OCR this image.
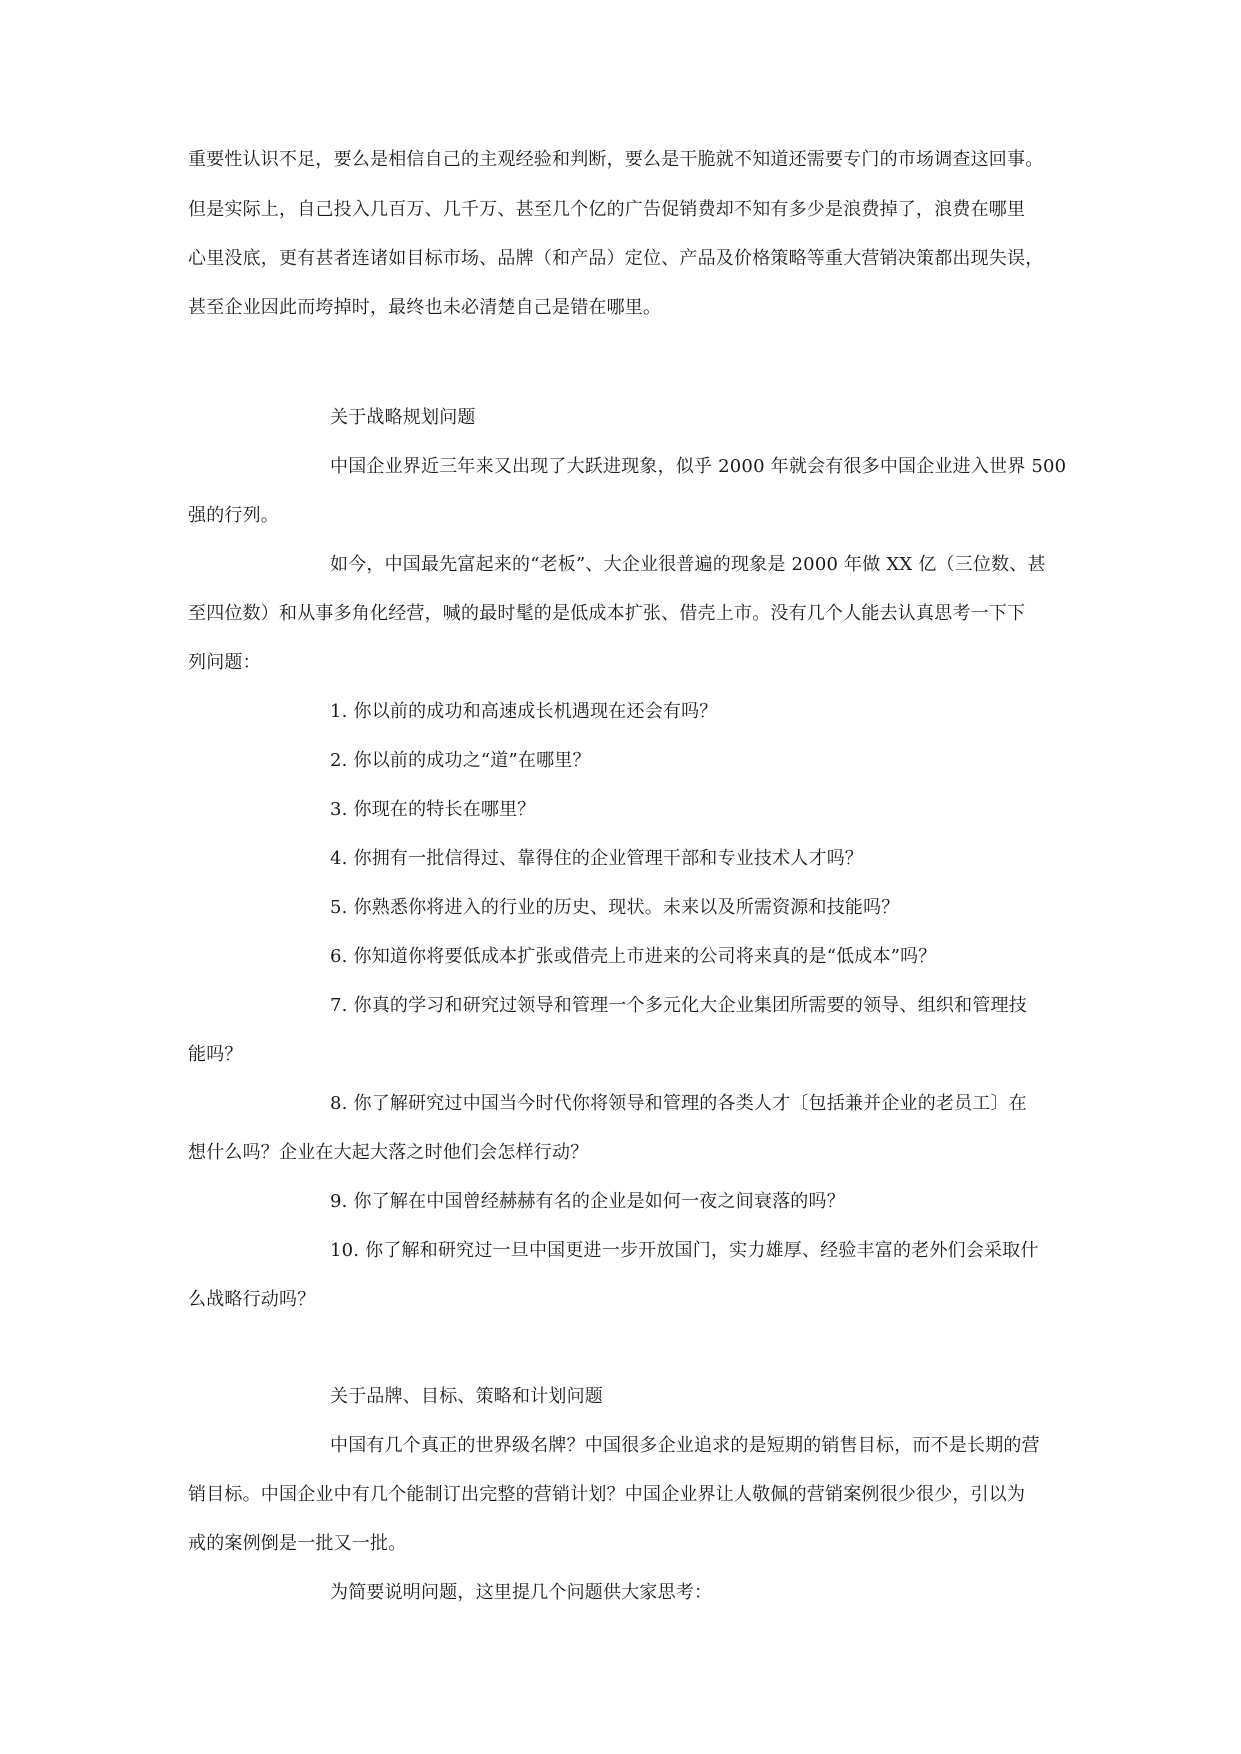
重要性认识不足，要么是相信自己的主观经验和判断，要么是干脆就不知道还需要专门的市场调查这回事。
但是实际上，自己投入几百万、几千万、甚至几个亿的广告促销费却不知有多少是浪费掉了，浪费在哪里
心里没底，更有甚者连诸如目标市场、品牌（和产品）定位、产品及价格策略等重大营销决策都出现失误，
甚至企业因此而垮掉时，最终也未必清楚自己是错在哪里。
关于战略规划问题
中国企业界近三年来又出现了大跃进现象，似乎 2000 年就会有很多中国企业进入世界 500
强的行列。
如今，中国最先富起来的“老板”、大企业很普遍的现象是 2000 年做 XX 亿（三位数、甚
至四位数）和从事多角化经营，喊的最时髦的是低成本扩张、借壳上市。没有几个人能去认真思考一下下
列问题：
1. 你以前的成功和高速成长机遇现在还会有吗？
2. 你以前的成功之“道”在哪里？
3. 你现在的特长在哪里？
4. 你拥有一批信得过、靠得住的企业管理干部和专业技术人才吗？
5. 你熟悉你将进入的行业的历史、现状。未来以及所需资源和技能吗？
6. 你知道你将要低成本扩张或借壳上市进来的公司将来真的是“低成本”吗？
7. 你真的学习和研究过领导和管理一个多元化大企业集团所需要的领导、组织和管理技
能吗？
8. 你了解研究过中国当今时代你将领导和管理的各类人才〔包括兼并企业的老员工〕在
想什么吗？企业在大起大落之时他们会怎样行动？
9. 你了解在中国曾经赫赫有名的企业是如何一夜之间衰落的吗？
10. 你了解和研究过一旦中国更进一步开放国门，实力雄厚、经验丰富的老外们会采取什
么战略行动吗？
关于品牌、目标、策略和计划问题
中国有几个真正的世界级名牌？中国很多企业追求的是短期的销售目标，而不是长期的营
销目标。中国企业中有几个能制订出完整的营销计划？中国企业界让人敬佩的营销案例很少很少，引以为
戒的案例倒是一批又一批。
为简要说明问题，这里提几个问题供大家思考：
